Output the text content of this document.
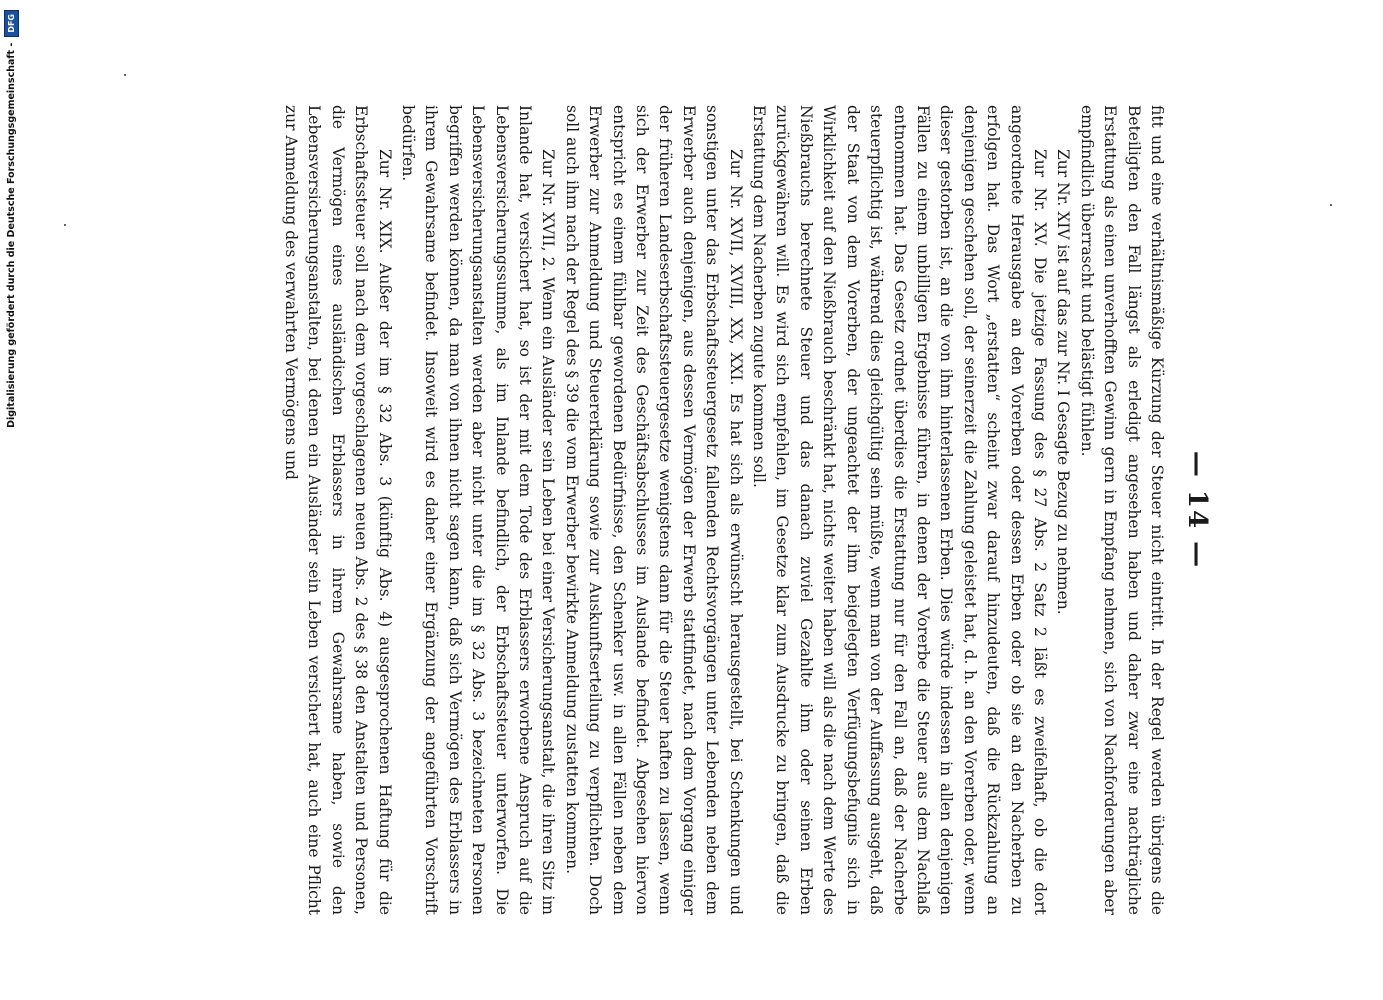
— 14 —

fitt und eine verhältnismäßige Kürzung der Steuer nicht eintritt. In der Regel werden übrigens die Beteiligten den Fall längst als erledigt angesehen haben und daher zwar eine nachträgliche Erstattung als einen unverhofften Gewinn gern in Empfang nehmen, sich von Nachforderungen aber empfindlich überrascht und belästigt fühlen.

Zur Nr. XIV ist auf das zur Nr. I Gesagte Bezug zu nehmen.

Zur Nr. XV. Die jetzige Fassung des § 27 Abs. 2 Satz 2 läßt es zweifelhaft, ob die dort angeordnete Herausgabe an den Vorerben oder dessen Erben oder ob sie an den Nacherben zu erfolgen hat. Das Wort „erstatten“ scheint zwar darauf hinzudeuten, daß die Rückzahlung an denjenigen geschehen soll, der seinerzeit die Zahlung geleistet hat, d. h. an den Vorerben oder, wenn dieser gestorben ist, an die von ihm hinterlassenen Erben. Dies würde indessen in allen denjenigen Fällen zu einem unbilligen Ergebnisse führen, in denen der Vorerbe die Steuer aus dem Nachlaß entnommen hat. Das Gesetz ordnet überdies die Erstattung nur für den Fall an, daß der Nacherbe steuerpflichtig ist, während dies gleichgültig sein müßte, wenn man von der Auffassung ausgeht, daß der Staat von dem Vorerben, der ungeachtet der ihm beigelegten Verfügungsbefugnis sich in Wirklichkeit auf den Nießbrauch beschränkt hat, nichts weiter haben will als die nach dem Werte des Nießbrauchs berechnete Steuer und das danach zuviel Gezahlte ihm oder seinen Erben zurückgewähren will. Es wird sich empfehlen, im Gesetze klar zum Ausdrucke zu bringen, daß die Erstattung dem Nacherben zugute kommen soll.

Zur Nr. XVII, XVIII, XX, XXI. Es hat sich als erwünscht herausgestellt, bei Schenkungen und sonstigen unter das Erbschaftssteuergesetz fallenden Rechtsvorgängen unter Lebenden neben dem Erwerber auch denjenigen, aus dessen Vermögen der Erwerb stattfindet, nach dem Vorgang einiger der früheren Landeserbschaftssteuergesetze wenigstens dann für die Steuer haften zu lassen, wenn sich der Erwerber zur Zeit des Geschäftsabschlusses im Auslande befindet. Abgesehen hiervon entspricht es einem fühlbar gewordenen Bedürfnisse, den Schenker usw. in allen Fällen neben dem Erwerber zur Anmeldung und Steuererklärung sowie zur Auskunftserteilung zu verpflichten. Doch soll auch ihm nach der Regel des § 39 die vom Erwerber bewirkte Anmeldung zustatten kommen.

Zur Nr. XVII, 2. Wenn ein Ausländer sein Leben bei einer Versicherungsanstalt, die ihren Sitz im Inlande hat, versichert hat, so ist der mit dem Tode des Erblassers erworbene Anspruch auf die Lebensversicherungssumme, als im Inlande befindlich, der Erbschaftssteuer unterworfen. Die Lebensversicherungsanstalten werden aber nicht unter die im § 32 Abs. 3 bezeichneten Personen begriffen werden können, da man von ihnen nicht sagen kann, daß sich Vermögen des Erblassers in ihrem Gewahrsame befindet. Insoweit wird es daher einer Ergänzung der angeführten Vorschrift bedürfen.

Zur Nr. XIX. Außer der im § 32 Abs. 3 (künftig Abs. 4) ausgesprochenen Haftung für die Erbschaftssteuer soll nach dem vorgeschlagenen neuen Abs. 2 des § 38 den Anstalten und Personen, die Vermögen eines ausländischen Erblassers in ihrem Gewahrsame haben, sowie den Lebensversicherungsanstalten, bei denen ein Ausländer sein Leben versichert hat, auch eine Pflicht zur Anmeldung des verwahrten Vermögens und

Digitalisierung gefördert durch die Deutsche Forschungsgemeinschaft -
DFG
